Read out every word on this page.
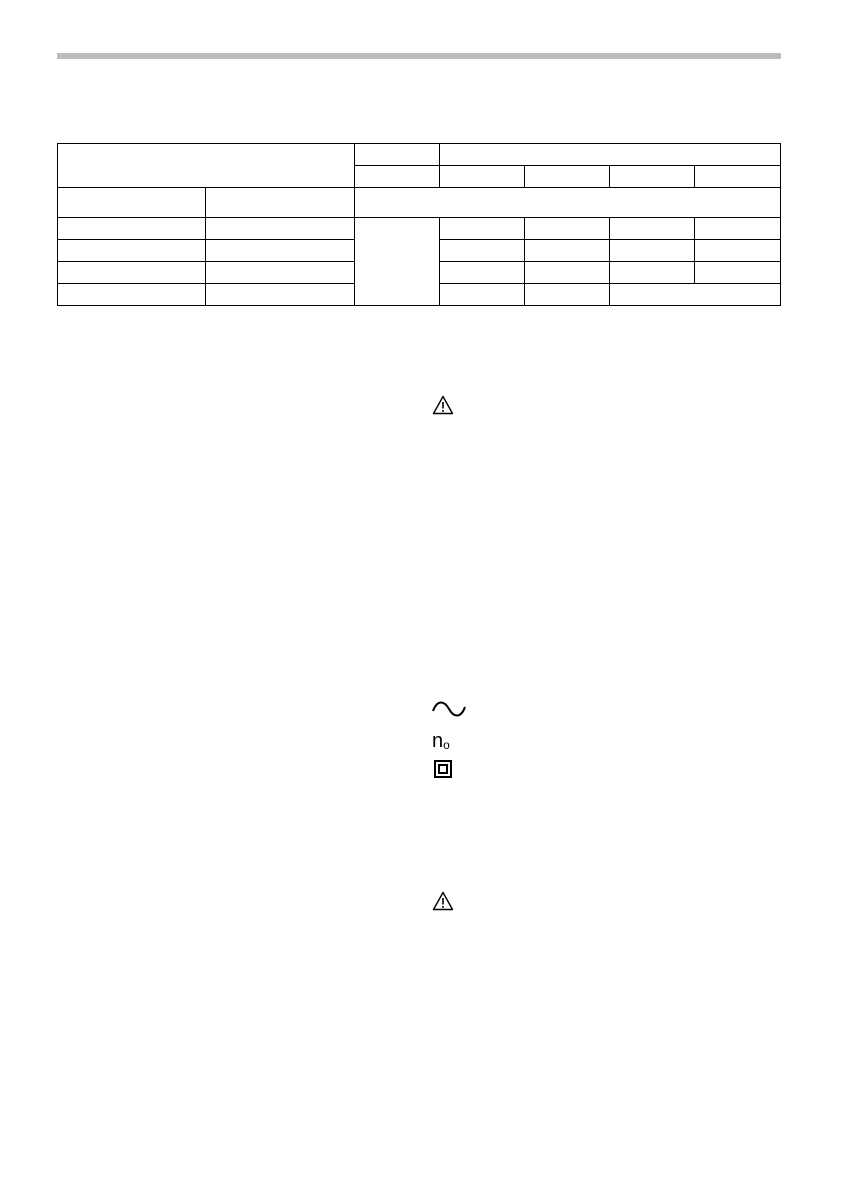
no
